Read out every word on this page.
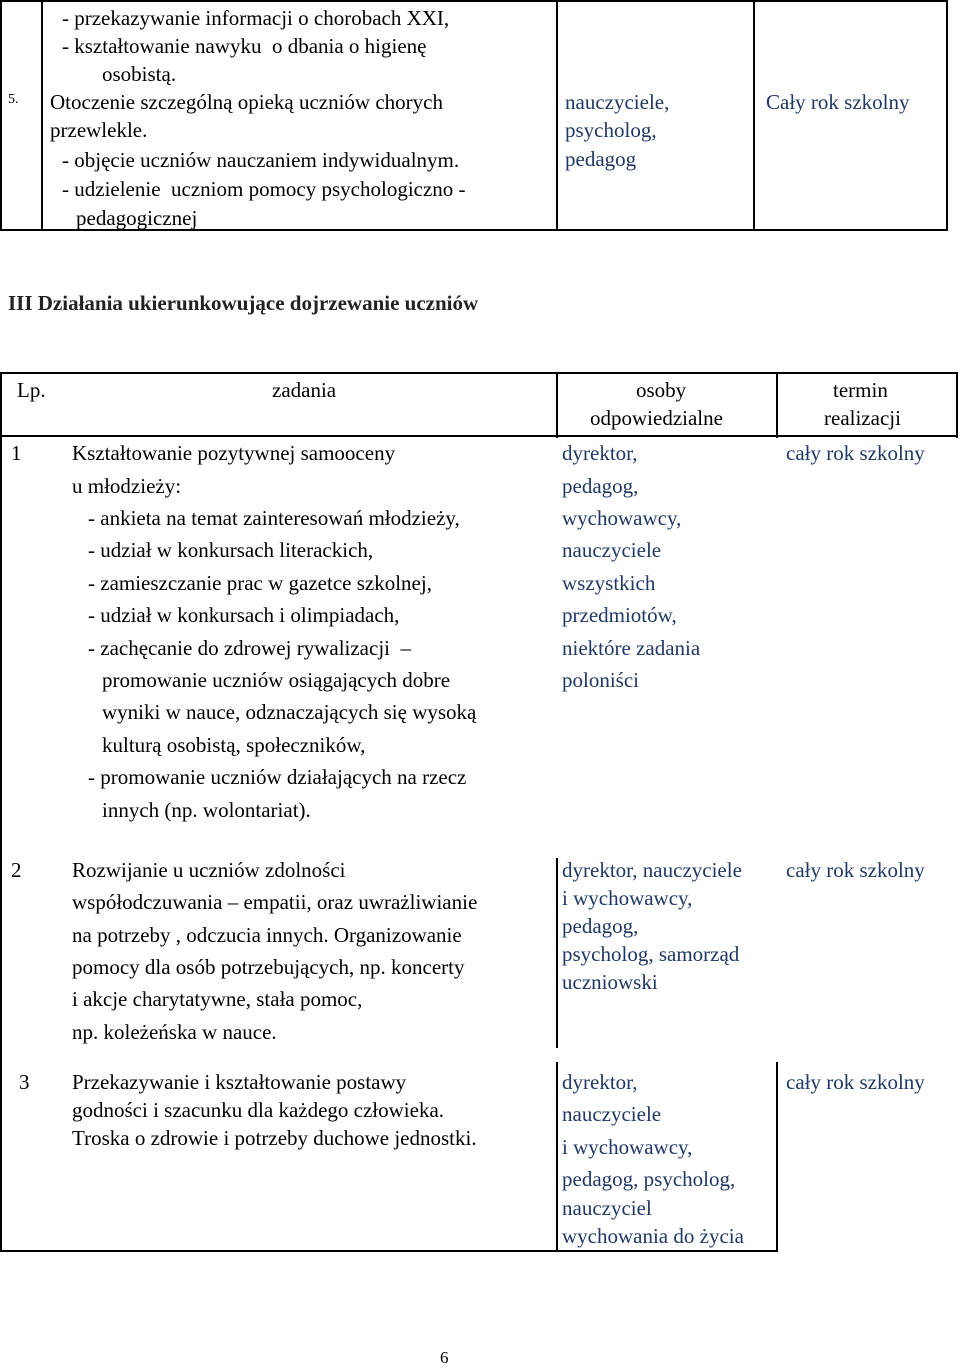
5.
- przekazywanie informacji o chorobach XXI,
- kształtowanie nawyku  o dbania o higienę
osobistą.
Otoczenie szczególną opieką uczniów chorych
przewlekle.
- objęcie uczniów nauczaniem indywidualnym.
- udzielenie  uczniom pomocy psychologiczno -
pedagogicznej
nauczyciele,
psycholog,
pedagog
Cały rok szkolny
III Działania ukierunkowujące dojrzewanie uczniów
Lp.	zadania	osoby
odpowiedzialne
termin
realizacji
1 Kształtowanie pozytywnej samooceny
u młodzieży:
- ankieta na temat zainteresowań młodzieży,
- udział w konkursach literackich,
- zamieszczanie prac w gazetce szkolnej,
- udział w konkursach i olimpiadach,
- zachęcanie do zdrowej rywalizacji  –
promowanie uczniów osiągających dobre
wyniki w nauce, odznaczających się wysoką
kulturą osobistą, społeczników,
- promowanie uczniów działających na rzecz
innych (np. wolontariat).
dyrektor,
pedagog,
wychowawcy,
nauczyciele
wszystkich
przedmiotów,
niektóre zadania
poloniści
cały rok szkolny
2 Rozwijanie u uczniów zdolności
współodczuwania – empatii, oraz uwrażliwianie
na potrzeby , odczucia innych. Organizowanie
pomocy dla osób potrzebujących, np. koncerty
i akcje charytatywne, stała pomoc,
np. koleżeńska w nauce.
dyrektor, nauczyciele
i wychowawcy,
pedagog,
psycholog, samorząd
uczniowski
cały rok szkolny
3 Przekazywanie i kształtowanie postawy
godności i szacunku dla każdego człowieka.
Troska o zdrowie i potrzeby duchowe jednostki.
dyrektor,
nauczyciele
i wychowawcy,
pedagog, psycholog,
nauczyciel
wychowania do życia
cały rok szkolny
6
